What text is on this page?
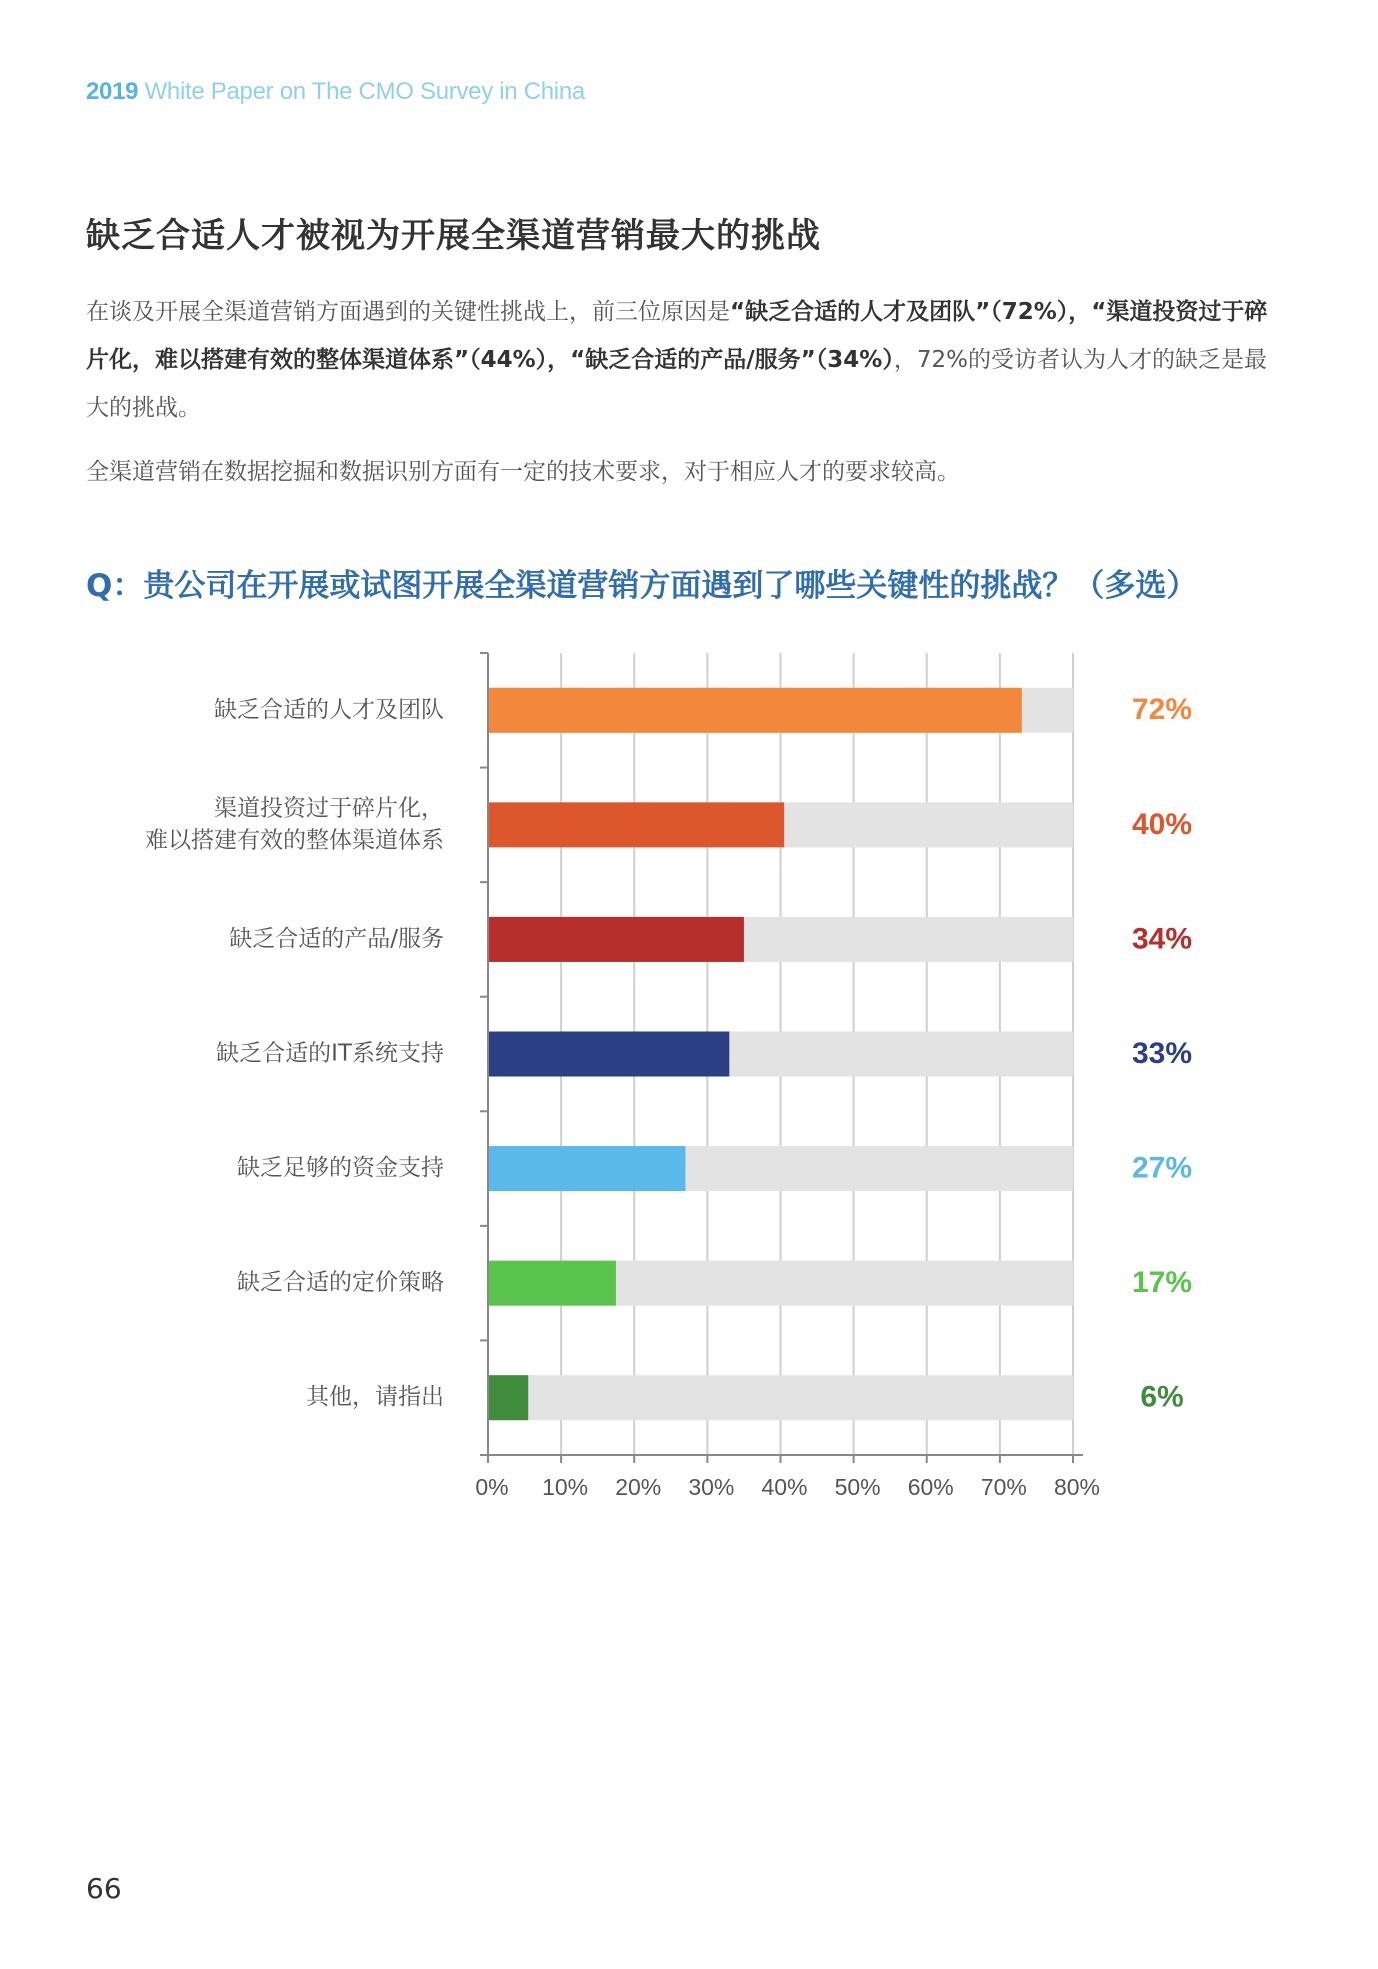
2019 White Paper on The CMO Survey in China
缺乏合适人才被视为开展全渠道营销最大的挑战
在谈及开展全渠道营销方面遇到的关键性挑战上，前三位原因是“缺乏合适的人才及团队”（72%），“渠道投资过于碎片化，难以搭建有效的整体渠道体系”（44%），“缺乏合适的产品/服务”（34%），72%的受访者认为人才的缺乏是最大的挑战。
全渠道营销在数据挖掘和数据识别方面有一定的技术要求，对于相应人才的要求较高。
Q：贵公司在开展或试图开展全渠道营销方面遇到了哪些关键性的挑战？（多选）
缺乏合适的人才及团队	72%
渠道投资过于碎片化，
难以搭建有效的整体渠道体系	40%
缺乏合适的产品/服务	34%
缺乏合适的IT系统支持	33%
缺乏足够的资金支持	27%
缺乏合适的定价策略	17%
其他，请指出	6%
0% 10% 20% 30% 40% 50% 60% 70% 80%
66
